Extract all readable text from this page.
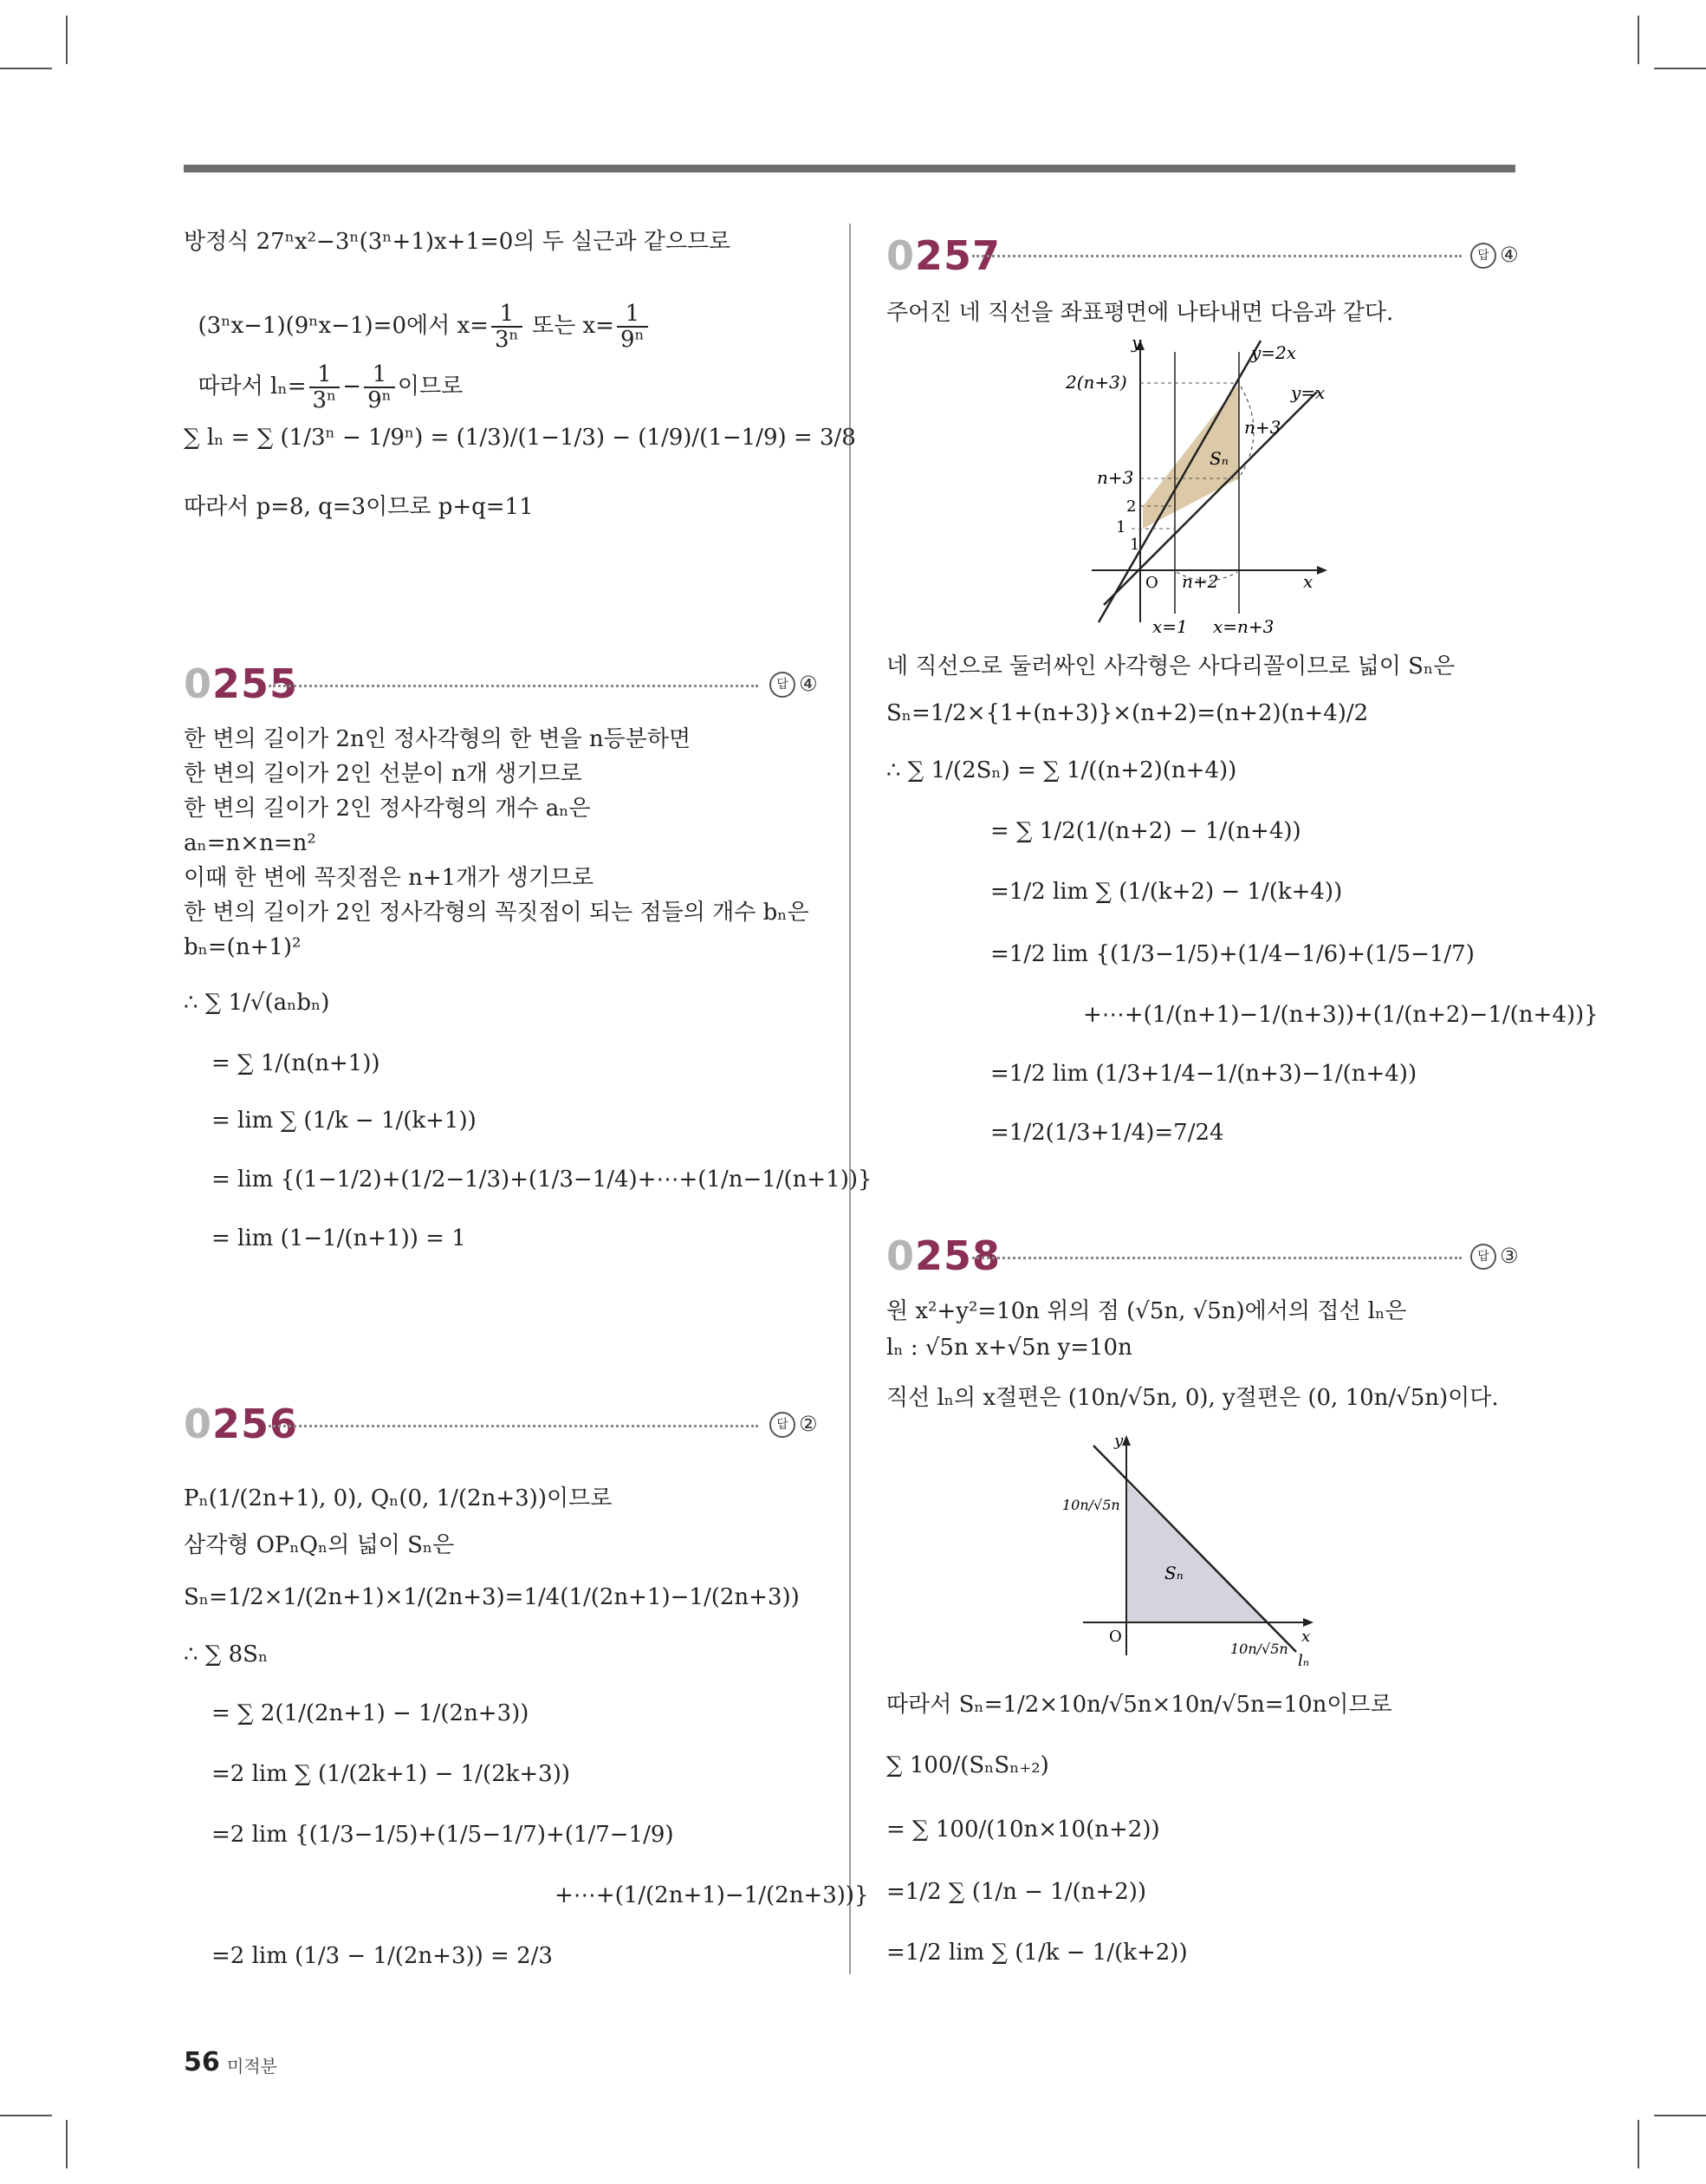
방정식 27ⁿx²−3ⁿ(3ⁿ+1)x+1=0의 두 실근과 같으므로

(3ⁿx−1)(9ⁿx−1)=0에서 $x= \frac{1}{\text{3ⁿ}}$ 또는 $x= \frac{1}{\text{9ⁿ}}$

따라서 $l_n= \frac{1}{\text{3ⁿ}} - \frac{1}{\text{9ⁿ}}$ 이므로

∑ lₙ = ∑ (1/3ⁿ − 1/9ⁿ) = (1/3)/(1−1/3) − (1/9)/(1−1/9) = 3/8
따라서 p=8, q=3이므로 p+q=11
0255	답 ④
한 변의 길이가 2n인 정사각형의 한 변을 n등분하면
한 변의 길이가 2인 선분이 n개 생기므로
한 변의 길이가 2인 정사각형의 개수 aₙ은
aₙ=n×n=n²
이때 한 변에 꼭짓점은 n+1개가 생기므로
한 변의 길이가 2인 정사각형의 꼭짓점이 되는 점들의 개수 bₙ은
bₙ=(n+1)²
∴ ∑ 1/√(aₙbₙ)
= ∑ 1/(n(n+1))
= lim ∑ (1/k − 1/(k+1))
= lim {(1−1/2)+(1/2−1/3)+(1/3−1/4)+⋯+(1/n−1/(n+1))}
= lim (1−1/(n+1)) = 1
0256	답 ②
Pₙ(1/(2n+1), 0), Qₙ(0, 1/(2n+3))이므로
삼각형 OPₙQₙ의 넓이 Sₙ은
Sₙ=1/2×1/(2n+1)×1/(2n+3)=1/4(1/(2n+1)−1/(2n+3))
∴ ∑ 8Sₙ
= ∑ 2(1/(2n+1) − 1/(2n+3))
=2 lim ∑ (1/(2k+1) − 1/(2k+3))
=2 lim {(1/3−1/5)+(1/5−1/7)+(1/7−1/9)
+⋯+(1/(2n+1)−1/(2n+3))}
=2 lim (1/3 − 1/(2n+3)) = 2/3
0257	답 ④
주어진 네 직선을 좌표평면에 나타내면 다음과 같다.
y
x
O
y=2x
y=x
2(n+3)
n+3
2
1
1
n+2
n+3
Sₙ
x=1 x=n+3
네 직선으로 둘러싸인 사각형은 사다리꼴이므로 넓이 Sₙ은
Sₙ=1/2×{1+(n+3)}×(n+2)=(n+2)(n+4)/2
∴ ∑ 1/(2Sₙ) = ∑ 1/((n+2)(n+4))
= ∑ 1/2(1/(n+2) − 1/(n+4))
=1/2 lim ∑ (1/(k+2) − 1/(k+4))
=1/2 lim {(1/3−1/5)+(1/4−1/6)+(1/5−1/7)
+⋯+(1/(n+1)−1/(n+3))+(1/(n+2)−1/(n+4))}
=1/2 lim (1/3+1/4−1/(n+3)−1/(n+4))
=1/2(1/3+1/4)=7/24
0258	답 ③
원 x²+y²=10n 위의 점 (√5n, √5n)에서의 접선 lₙ은
lₙ : √5n x+√5n y=10n
직선 lₙ의 x절편은 (10n/√5n, 0), y절편은 (0, 10n/√5n)이다.
y
x
O
10n/√5n
10n/√5n
Sₙ
lₙ
따라서 Sₙ=1/2×10n/√5n×10n/√5n=10n이므로
∑ 100/(SₙSₙ₊₂)
= ∑ 100/(10n×10(n+2))
=1/2 ∑ (1/n − 1/(n+2))
=1/2 lim ∑ (1/k − 1/(k+2))
56 미적분
